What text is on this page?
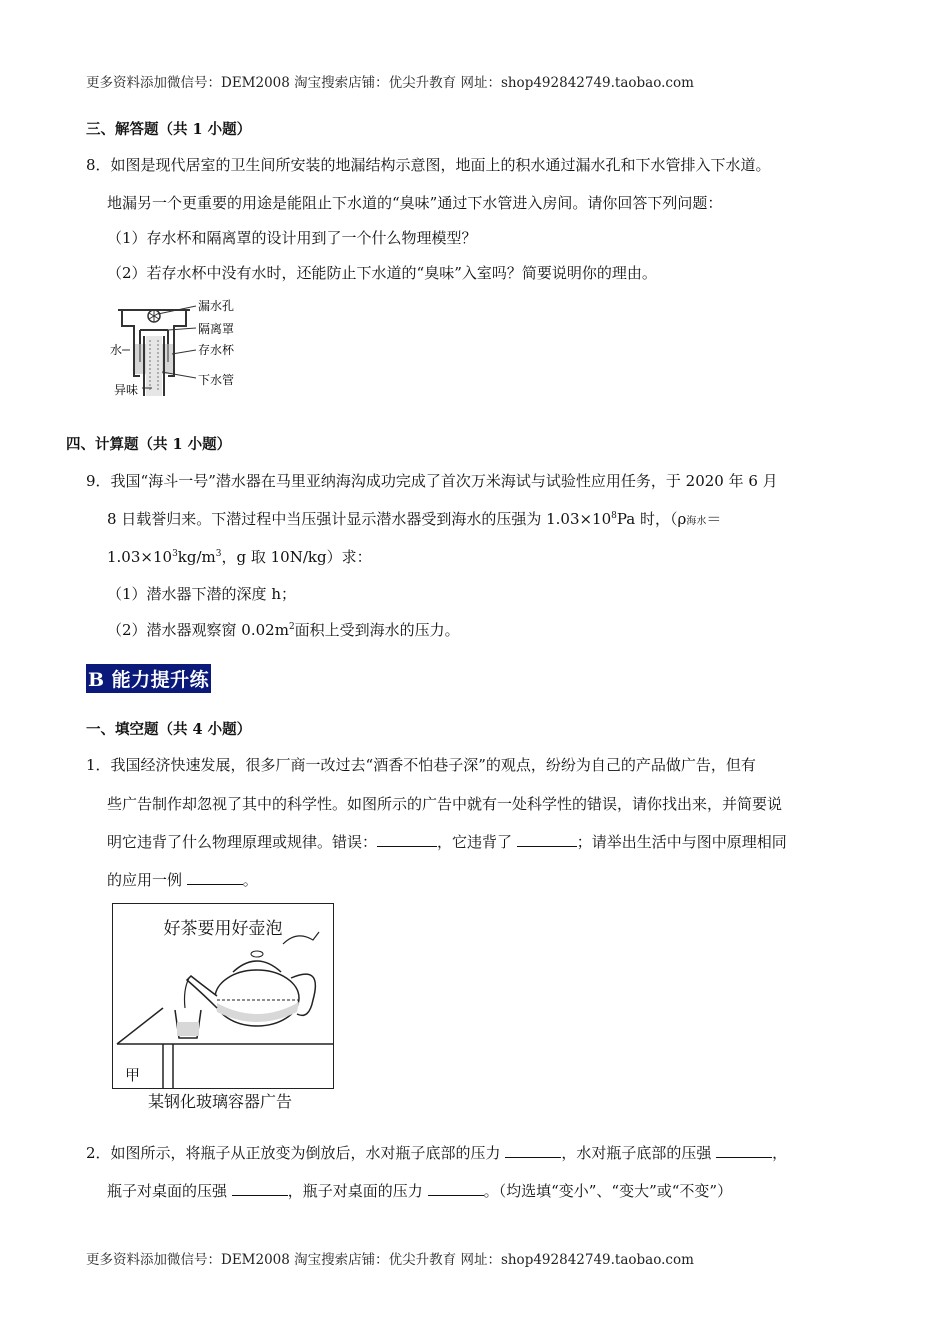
更多资料添加微信号：DEM2008 淘宝搜索店铺：优尖升教育 网址：shop492842749.taobao.com
三、解答题（共 1 小题）
8．如图是现代居室的卫生间所安装的地漏结构示意图，地面上的积水通过漏水孔和下水管排入下水道。
地漏另一个更重要的用途是能阻止下水道的“臭味”通过下水管进入房间。请你回答下列问题：
（1）存水杯和隔离罩的设计用到了一个什么物理模型？
（2）若存水杯中没有水时，还能防止下水道的“臭味”入室吗？简要说明你的理由。
漏水孔
隔离罩
水	存水杯
异味
下水管
四、计算题（共 1 小题）
9．我国“海斗一号”潜水器在马里亚纳海沟成功完成了首次万米海试与试验性应用任务，于 2020 年 6 月
8 日载誉归来。下潜过程中当压强计显示潜水器受到海水的压强为 $1.03\times 10^8Pa$ 时，（ρ海水＝
$1.03\times 10^3kg/m^3$，g 取 10N/kg）求：
（1）潜水器下潜的深度 h；
（2）潜水器观察窗 $0.02m^2$面积上受到海水的压力。
B 能力提升练
一、填空题（共 4 小题）
1．我国经济快速发展，很多厂商一改过去“酒香不怕巷子深”的观点，纷纷为自己的产品做广告，但有
些广告制作却忽视了其中的科学性。如图所示的广告中就有一处科学性的错误，请你找出来，并简要说
明它违背了什么物理原理或规律。错误：	，它违背了	；请举出生活中与图中原理相同
的应用一例	。
好茶要用好壶泡
甲
某钢化玻璃容器广告
2．如图所示，将瓶子从正放变为倒放后，水对瓶子底部的压力	，水对瓶子底部的压强	，
瓶子对桌面的压强	，瓶子对桌面的压力	。（均选填“变小”、“变大”或“不变”）
更多资料添加微信号：DEM2008 淘宝搜索店铺：优尖升教育 网址：shop492842749.taobao.com
